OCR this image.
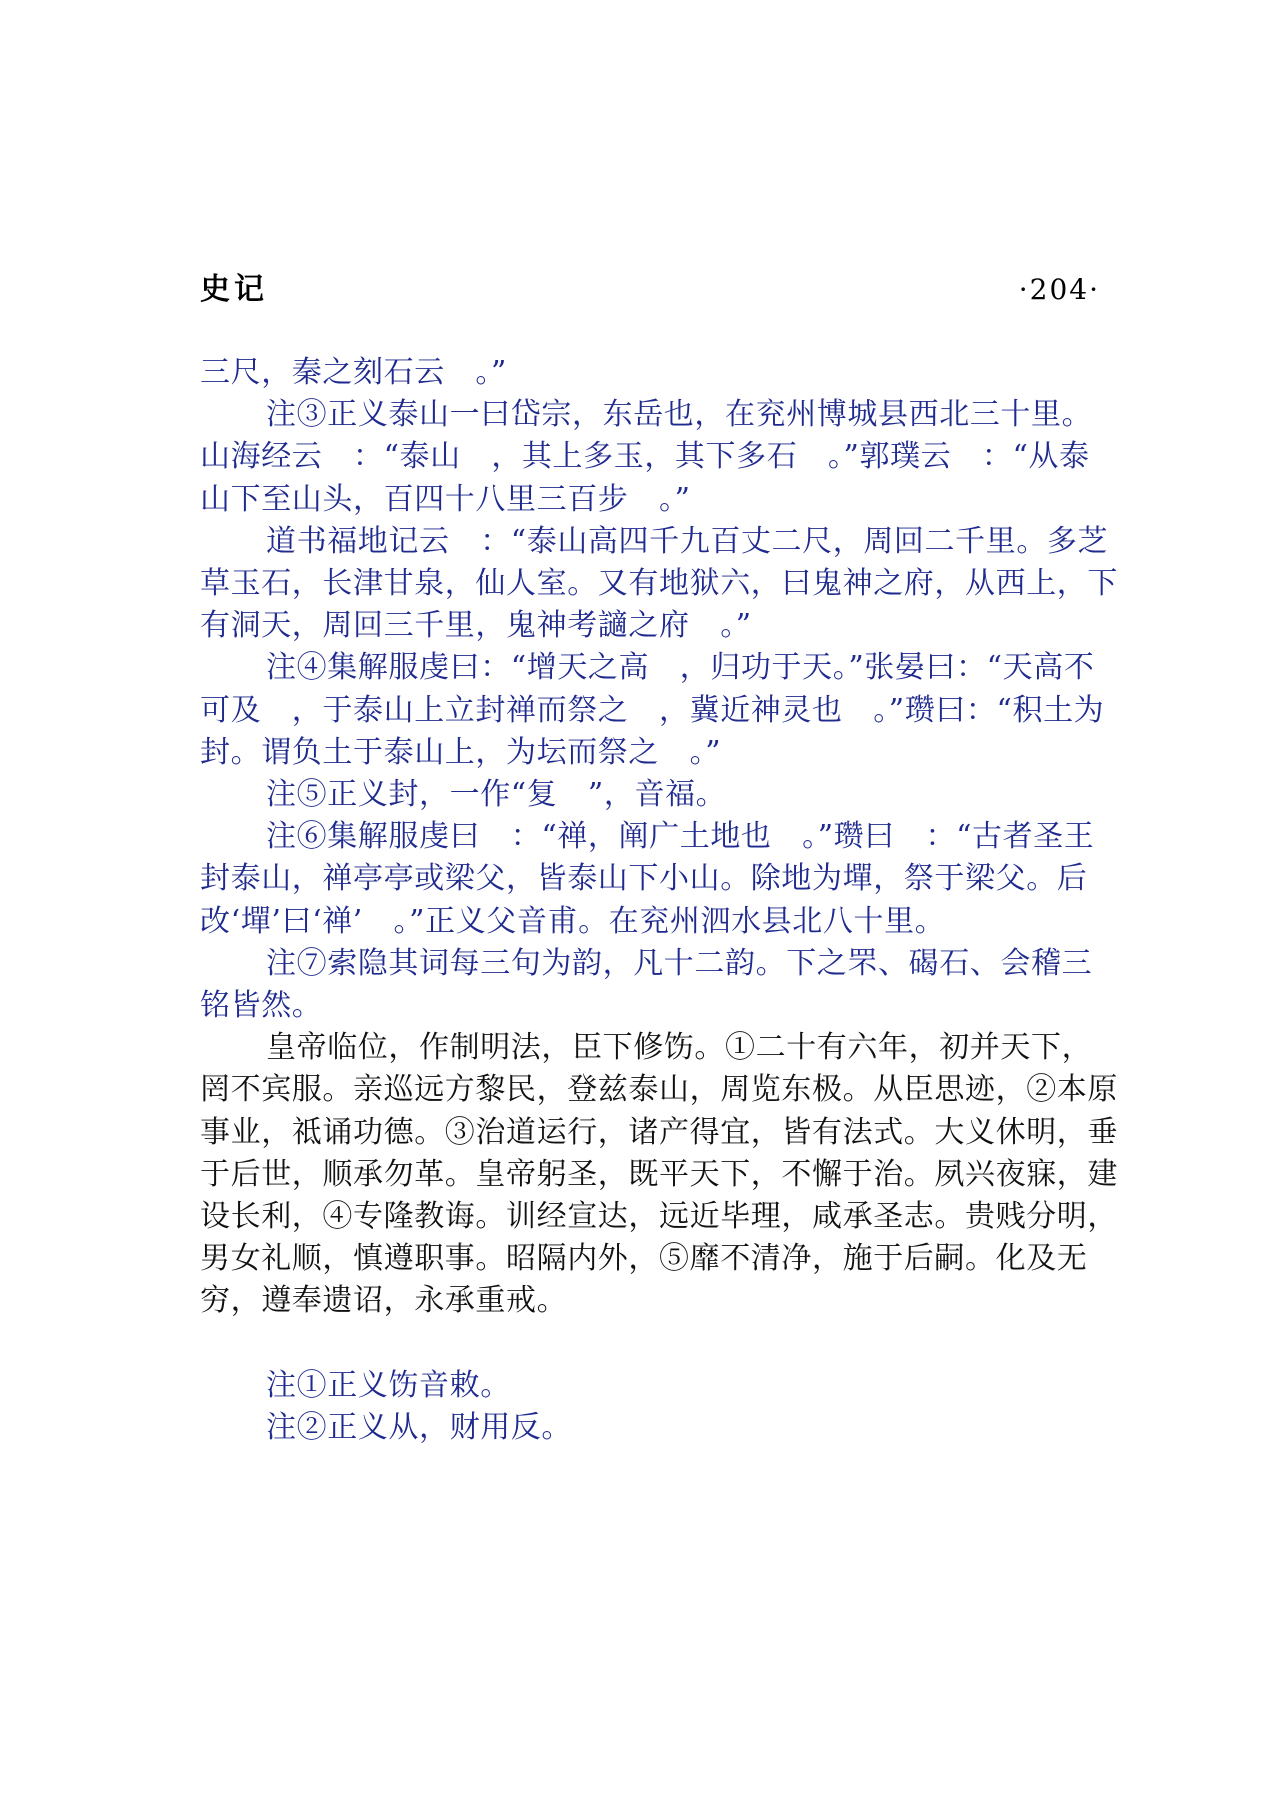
史记	·204·

三尺，秦之刻石云　。”

注③正义泰山一曰岱宗，东岳也，在兖州博城县西北三十里。山海经云　：“泰山　，其上多玉，其下多石　。”郭璞云　：“从泰山下至山头，百四十八里三百步　。”

道书福地记云　：“泰山高四千九百丈二尺，周回二千里。多芝草玉石，长津甘泉，仙人室。又有地狱六，曰鬼神之府，从西上，下有洞天，周回三千里，鬼神考讁之府　。”

注④集解服虔曰：“增天之高　，归功于天。”张晏曰：“天高不可及　，于泰山上立封禅而祭之　，冀近神灵也　。”瓒曰：“积土为封。谓负土于泰山上，为坛而祭之　。”

注⑤正义封，一作“复　”，音福。

注⑥集解服虔曰　：“禅，阐广土地也　。”瓒曰　：“古者圣王封泰山，禅亭亭或梁父，皆泰山下小山。除地为墠，祭于梁父。后改‘墠’曰‘禅’　。”正义父音甫。在兖州泗水县北八十里。

注⑦索隐其词每三句为韵，凡十二韵。下之罘、碣石、会稽三铭皆然。

皇帝临位，作制明法，臣下修饬。①二十有六年，初并天下，罔不宾服。亲巡远方黎民，登兹泰山，周览东极。从臣思迹，②本原事业，祗诵功德。③治道运行，诸产得宜，皆有法式。大义休明，垂于后世，顺承勿革。皇帝躬圣，既平天下，不懈于治。夙兴夜寐，建设长利，④专隆教诲。训经宣达，远近毕理，咸承圣志。贵贱分明，男女礼顺，慎遵职事。昭隔内外，⑤靡不清净，施于后嗣。化及无穷，遵奉遗诏，永承重戒。

注①正义饬音敕。

注②正义从，财用反。
